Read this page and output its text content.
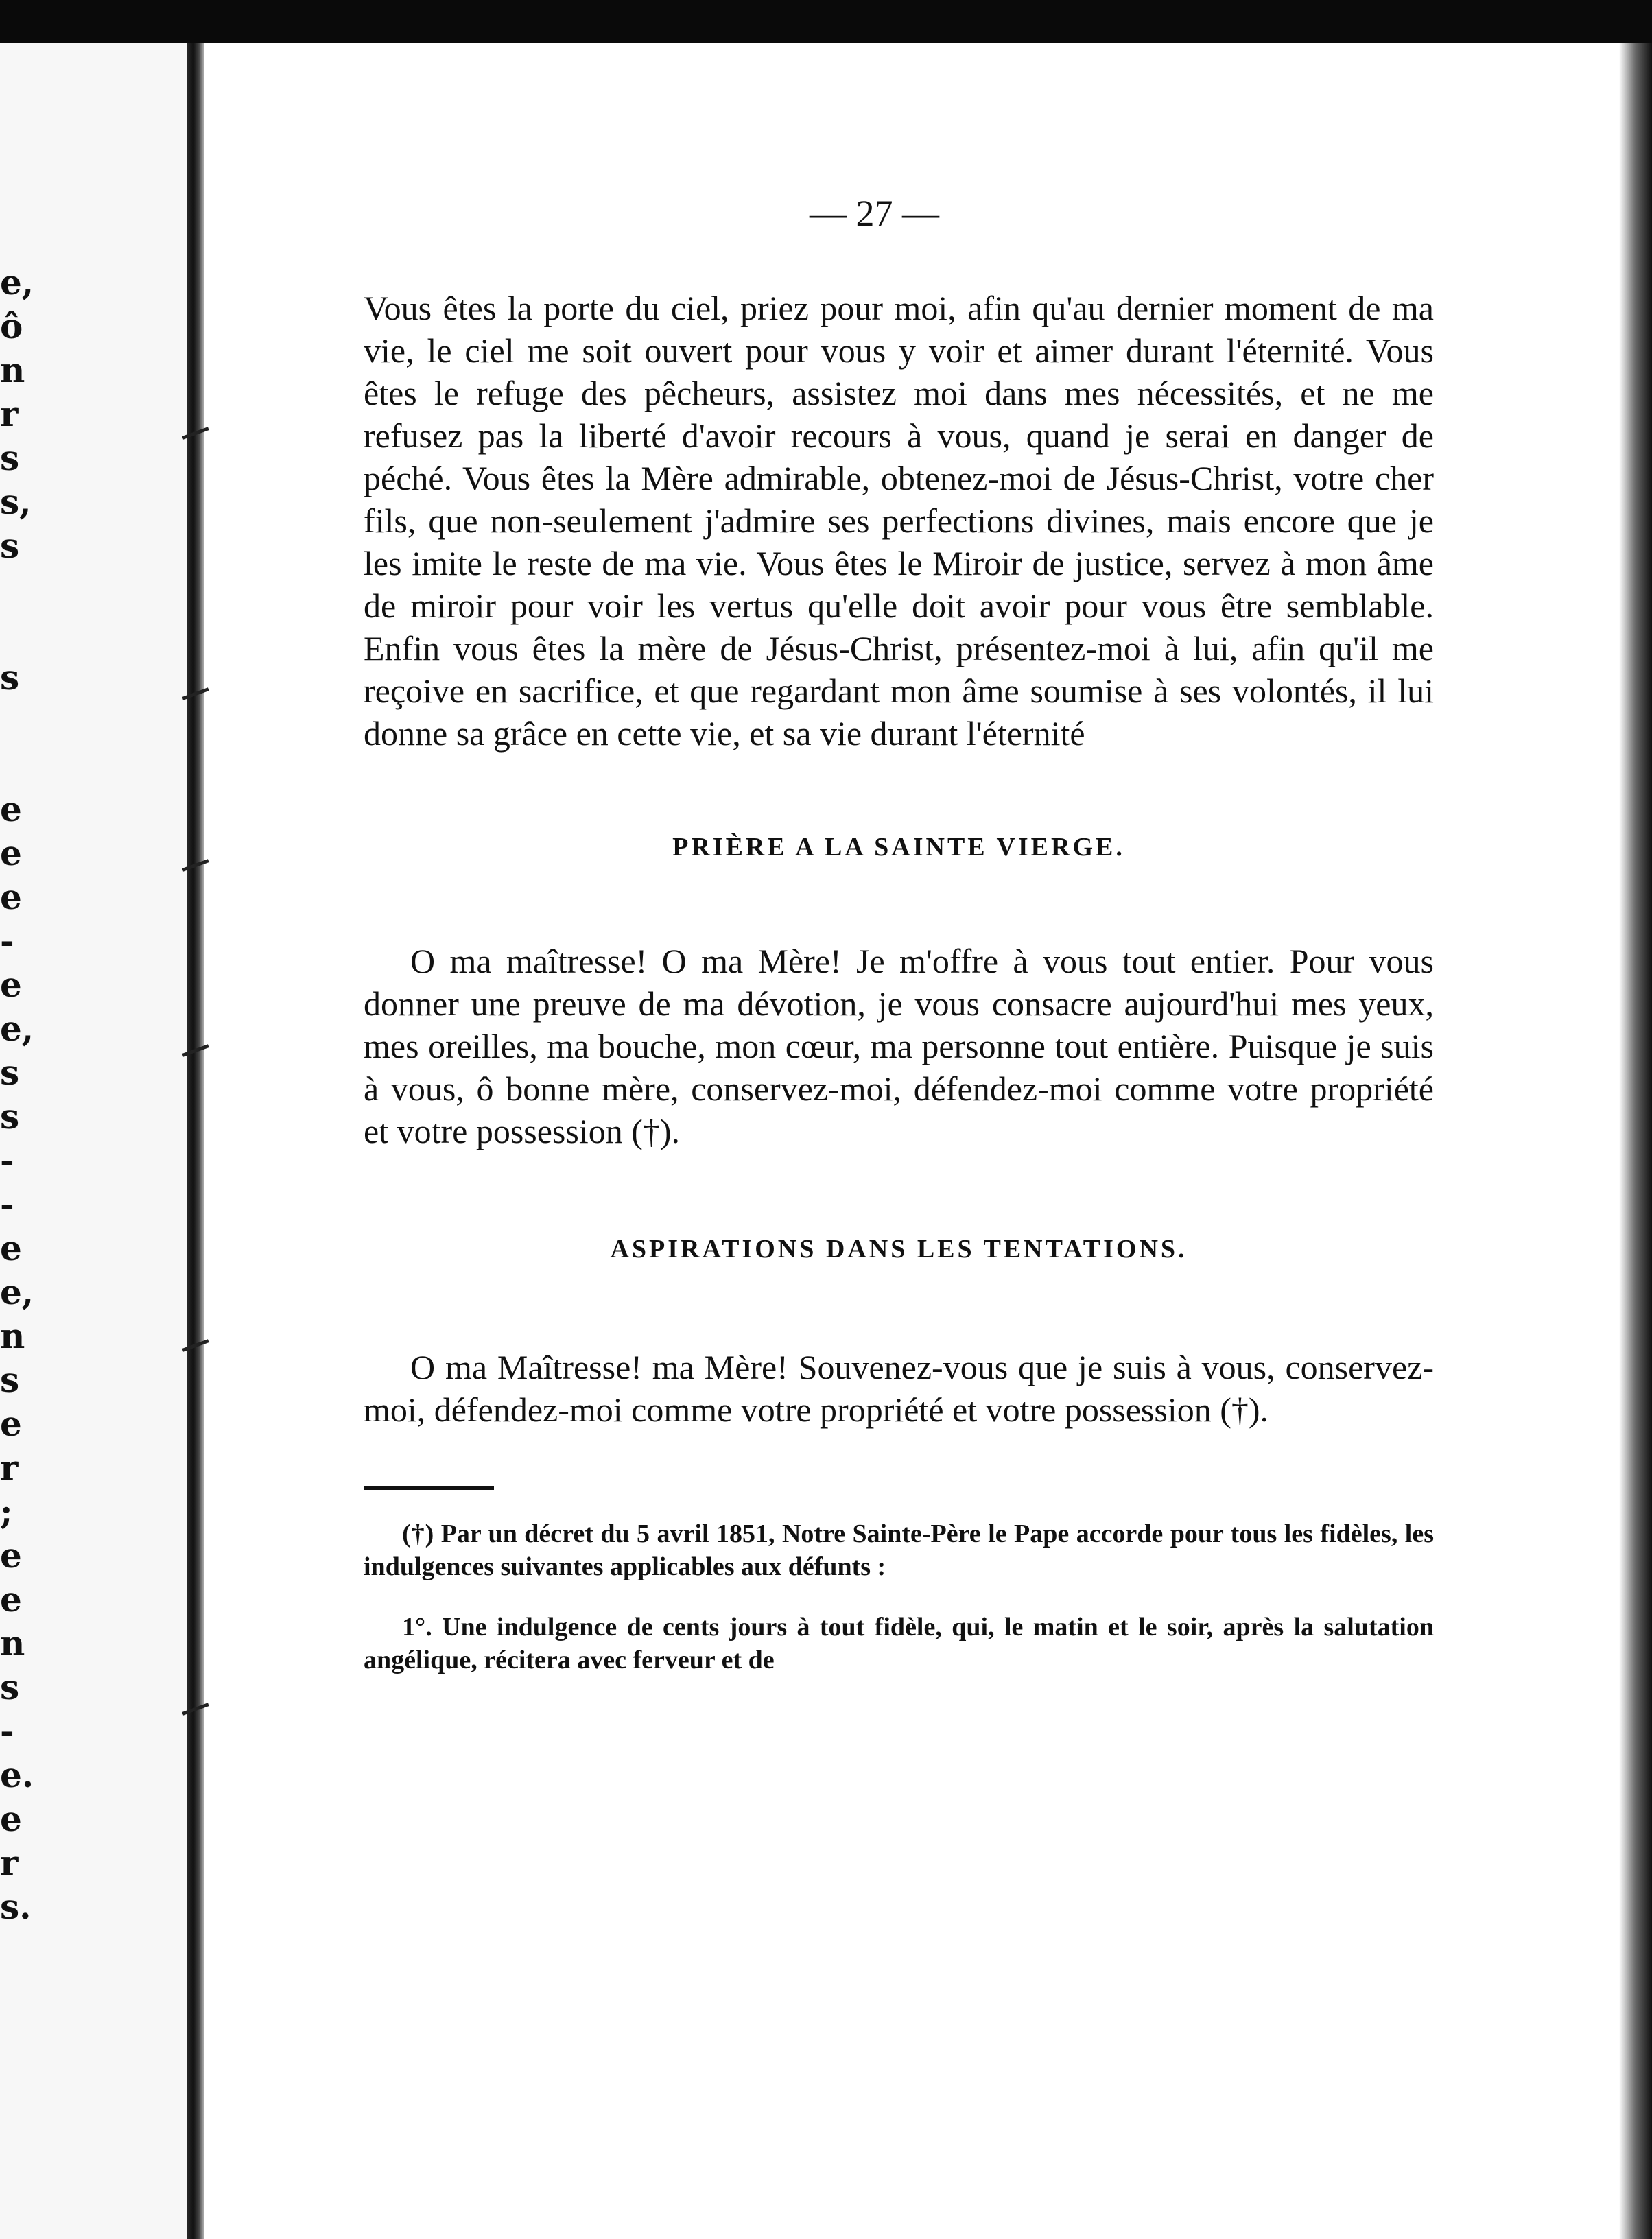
e,
ô
n
r
s
s,
s
s
e
e
e
-
e
e,
s
s
-
-
e
e,
n
s
e
r
;
e
e
n
s
-
e.
e
r
s.
— 27 —

Vous êtes la porte du ciel, priez pour moi, afin qu'au dernier moment de ma vie, le ciel me soit ouvert pour vous y voir et aimer durant l'éternité. Vous êtes le refuge des pêcheurs, assistez moi dans mes nécessités, et ne me refusez pas la liberté d'avoir recours à vous, quand je serai en danger de péché. Vous êtes la Mère admirable, obtenez-moi de Jésus-Christ, votre cher fils, que non-seulement j'admire ses perfections divines, mais encore que je les imite le reste de ma vie. Vous êtes le Miroir de justice, servez à mon âme de miroir pour voir les vertus qu'elle doit avoir pour vous être semblable. Enfin vous êtes la mère de Jésus-Christ, présentez-moi à lui, afin qu'il me reçoive en sacrifice, et que regardant mon âme soumise à ses volontés, il lui donne sa grâce en cette vie, et sa vie durant l'éternité

PRIÈRE A LA SAINTE VIERGE.

O ma maîtresse! O ma Mère! Je m'offre à vous tout entier. Pour vous donner une preuve de ma dévotion, je vous consacre aujourd'hui mes yeux, mes oreilles, ma bouche, mon cœur, ma personne tout entière. Puisque je suis à vous, ô bonne mère, conservez-moi, défendez-moi comme votre propriété et votre possession (†).

ASPIRATIONS DANS LES TENTATIONS.

O ma Maîtresse! ma Mère! Souvenez-vous que je suis à vous, conservez-moi, défendez-moi comme votre propriété et votre possession (†).

(†) Par un décret du 5 avril 1851, Notre Sainte-Père le Pape accorde pour tous les fidèles, les indulgences suivantes applicables aux défunts :

1°. Une indulgence de cents jours à tout fidèle, qui, le matin et le soir, après la salutation angélique, récitera avec ferveur et de
